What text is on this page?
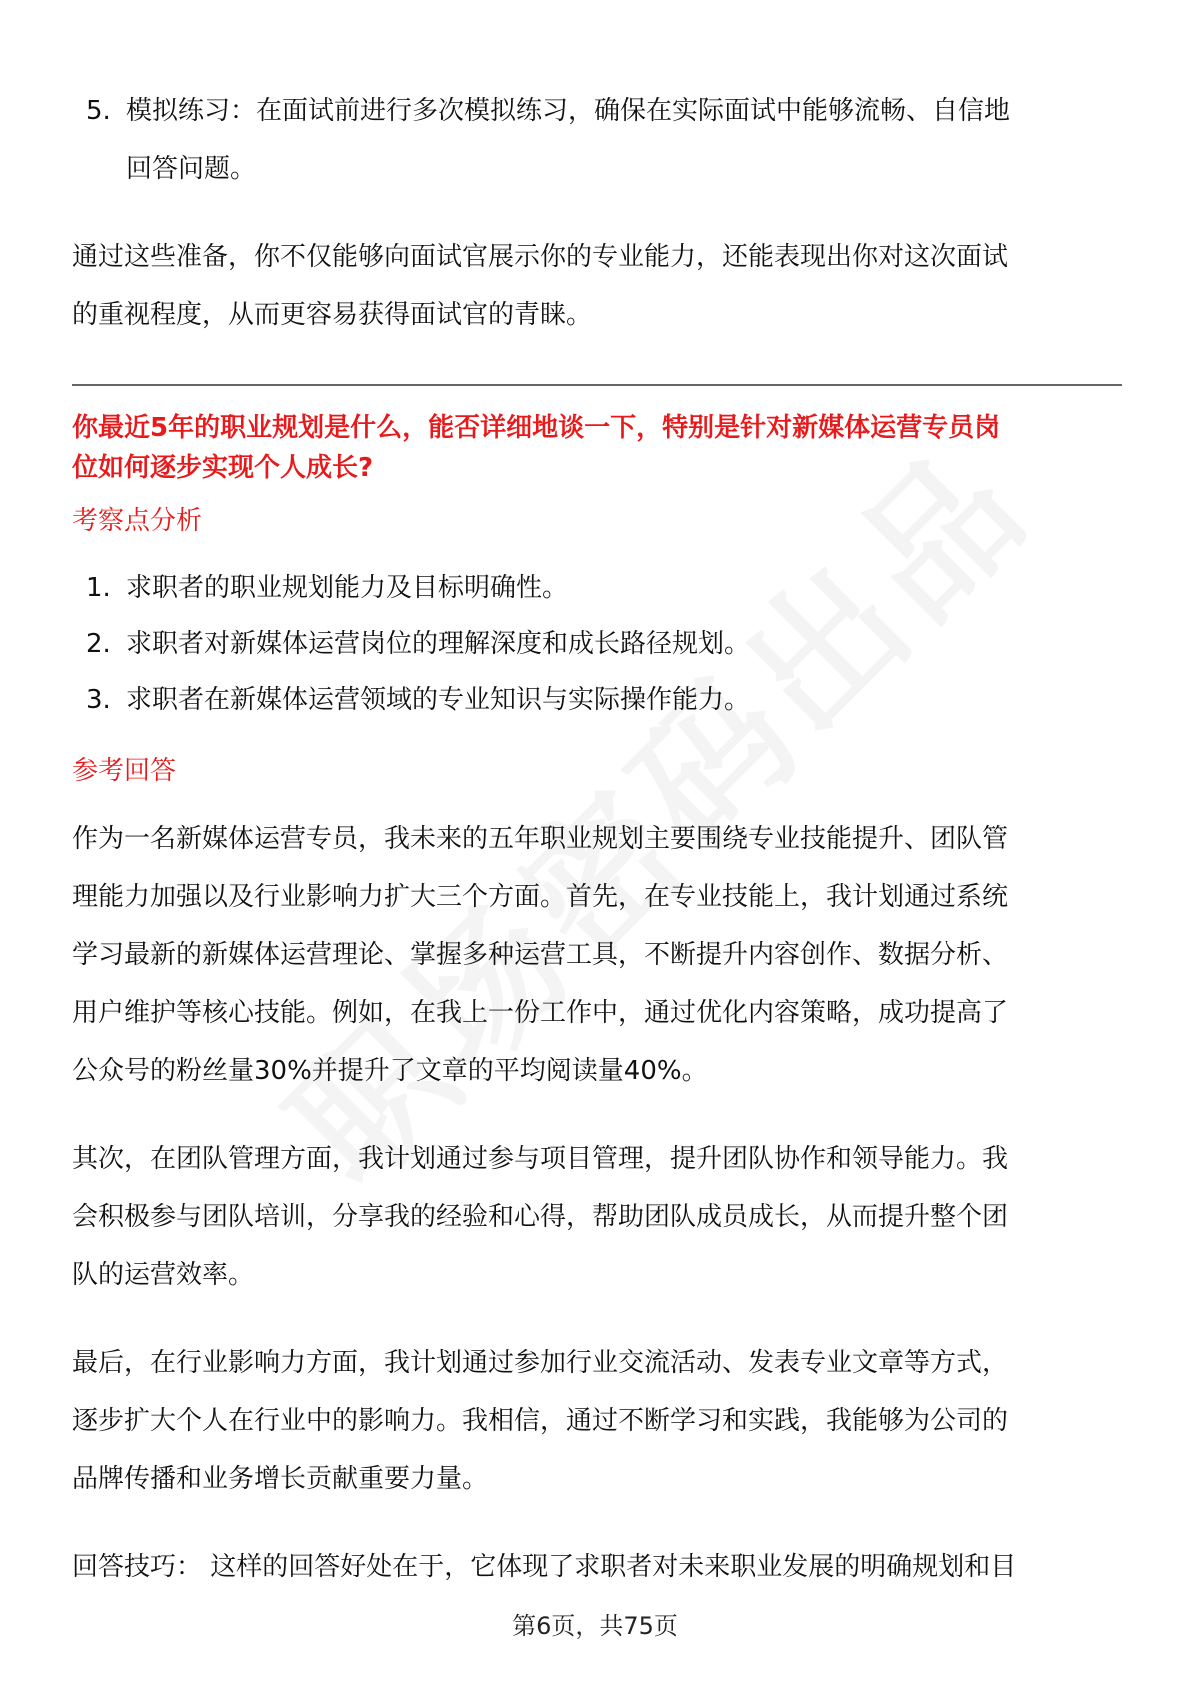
5. 模拟练习：在面试前进行多次模拟练习，确保在实际面试中能够流畅、自信地
回答问题。

通过这些准备，你不仅能够向面试官展示你的专业能力，还能表现出你对这次面试

的重视程度，从而更容易获得面试官的青睐。

你最近5年的职业规划是什么，能否详细地谈一下，特别是针对新媒体运营专员岗

位如何逐步实现个人成长?

考察点分析

1. 求职者的职业规划能力及目标明确性。
2. 求职者对新媒体运营岗位的理解深度和成长路径规划。
3. 求职者在新媒体运营领域的专业知识与实际操作能力。

参考回答

作为一名新媒体运营专员，我未来的五年职业规划主要围绕专业技能提升、团队管

理能力加强以及行业影响力扩大三个方面。首先，在专业技能上，我计划通过系统

学习最新的新媒体运营理论、掌握多种运营工具，不断提升内容创作、数据分析、

用户维护等核心技能。例如，在我上一份工作中，通过优化内容策略，成功提高了

公众号的粉丝量30%并提升了文章的平均阅读量40%。

其次，在团队管理方面，我计划通过参与项目管理，提升团队协作和领导能力。我

会积极参与团队培训，分享我的经验和心得，帮助团队成员成长，从而提升整个团

队的运营效率。

最后，在行业影响力方面，我计划通过参加行业交流活动、发表专业文章等方式，

逐步扩大个人在行业中的影响力。我相信，通过不断学习和实践，我能够为公司的

品牌传播和业务增长贡献重要力量。

回答技巧： 这样的回答好处在于，它体现了求职者对未来职业发展的明确规划和目

第6页，共75页
